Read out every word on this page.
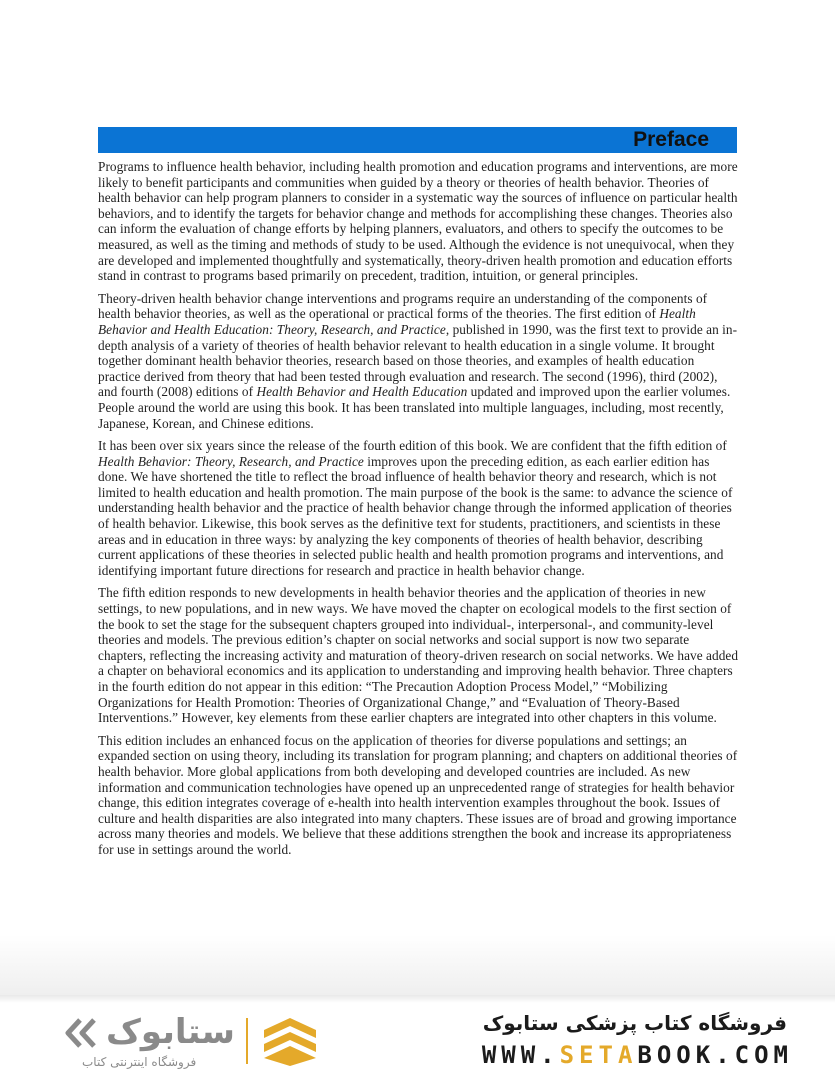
Preface

Programs to influence health behavior, including health promotion and education programs and interventions, are more likely to benefit participants and communities when guided by a theory or theories of health behavior. Theories of health behavior can help program planners to consider in a systematic way the sources of influence on particular health behaviors, and to identify the targets for behavior change and methods for accomplishing these changes. Theories also can inform the evaluation of change efforts by helping planners, evaluators, and others to specify the outcomes to be measured, as well as the timing and methods of study to be used. Although the evidence is not unequivocal, when they are developed and implemented thoughtfully and systematically, theory-driven health promotion and education efforts stand in contrast to programs based primarily on precedent, tradition, intuition, or general principles.

Theory-driven health behavior change interventions and programs require an understanding of the components of health behavior theories, as well as the operational or practical forms of the theories. The first edition of Health Behavior and Health Education: Theory, Research, and Practice, published in 1990, was the first text to provide an in-depth analysis of a variety of theories of health behavior relevant to health education in a single volume. It brought together dominant health behavior theories, research based on those theories, and examples of health education practice derived from theory that had been tested through evaluation and research. The second (1996), third (2002), and fourth (2008) editions of Health Behavior and Health Education updated and improved upon the earlier volumes. People around the world are using this book. It has been translated into multiple languages, including, most recently, Japanese, Korean, and Chinese editions.

It has been over six years since the release of the fourth edition of this book. We are confident that the fifth edition of Health Behavior: Theory, Research, and Practice improves upon the preceding edition, as each earlier edition has done. We have shortened the title to reflect the broad influence of health behavior theory and research, which is not limited to health education and health promotion. The main purpose of the book is the same: to advance the science of understanding health behavior and the practice of health behavior change through the informed application of theories of health behavior. Likewise, this book serves as the definitive text for students, practitioners, and scientists in these areas and in education in three ways: by analyzing the key components of theories of health behavior, describing current applications of these theories in selected public health and health promotion programs and interventions, and identifying important future directions for research and practice in health behavior change.

The fifth edition responds to new developments in health behavior theories and the application of theories in new settings, to new populations, and in new ways. We have moved the chapter on ecological models to the first section of the book to set the stage for the subsequent chapters grouped into individual-, interpersonal-, and community-level theories and models. The previous edition’s chapter on social networks and social support is now two separate chapters, reflecting the increasing activity and maturation of theory-driven research on social networks. We have added a chapter on behavioral economics and its application to understanding and improving health behavior. Three chapters in the fourth edition do not appear in this edition: “The Precaution Adoption Process Model,” “Mobilizing Organizations for Health Promotion: Theories of Organizational Change,” and “Evaluation of Theory-Based Interventions.” However, key elements from these earlier chapters are integrated into other chapters in this volume.

This edition includes an enhanced focus on the application of theories for diverse populations and settings; an expanded section on using theory, including its translation for program planning; and chapters on additional theories of health behavior. More global applications from both developing and developed countries are included. As new information and communication technologies have opened up an unprecedented range of strategies for health behavior change, this edition integrates coverage of e-health into health intervention examples throughout the book. Issues of culture and health disparities are also integrated into many chapters. These issues are of broad and growing importance across many theories and models. We believe that these additions strengthen the book and increase its appropriateness for use in settings around the world.

ستابوک
فروشگاه اینترنتی کتاب
فروشگاه کتاب پزشکی ستابوک
WWW.SETABOOK.COM
